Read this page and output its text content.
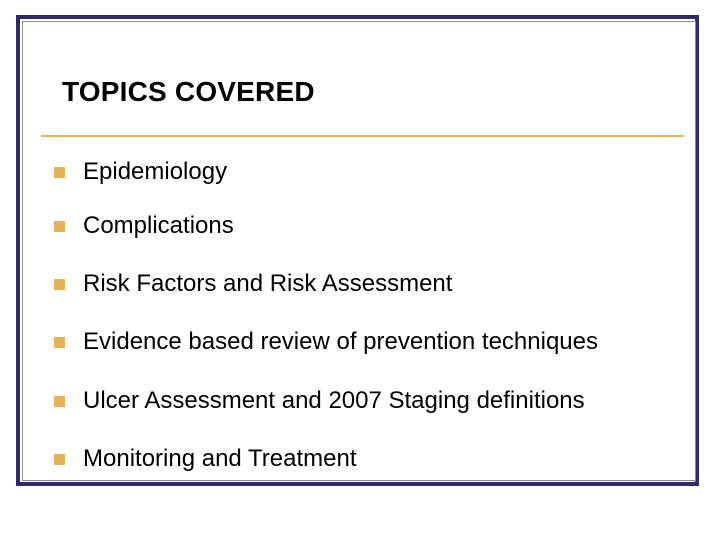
TOPICS COVERED
Epidemiology
Complications
Risk Factors and Risk Assessment
Evidence based review of prevention techniques
Ulcer Assessment and 2007 Staging definitions
Monitoring and Treatment
